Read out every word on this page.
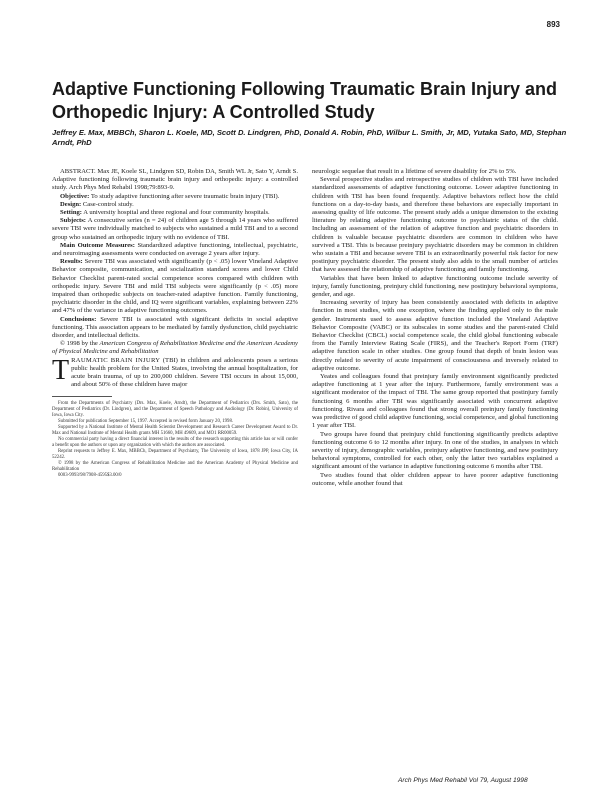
893
Adaptive Functioning Following Traumatic Brain Injury and Orthopedic Injury: A Controlled Study

Jeffrey E. Max, MBBCh, Sharon L. Koele, MD, Scott D. Lindgren, PhD, Donald A. Robin, PhD, Wilbur L. Smith, Jr, MD, Yutaka Sato, MD, Stephan Arndt, PhD

ABSTRACT. Max JE, Koele SL, Lindgren SD, Robin DA, Smith WL Jr, Sato Y, Arndt S. Adaptive functioning following traumatic brain injury and orthopedic injury: a controlled study. Arch Phys Med Rehabil 1998;79:893-9.

Objective: To study adaptive functioning after severe traumatic brain injury (TBI).

Design: Case-control study.

Setting: A university hospital and three regional and four community hospitals.

Subjects: A consecutive series (n = 24) of children age 5 through 14 years who suffered severe TBI were individually matched to subjects who sustained a mild TBI and to a second group who sustained an orthopedic injury with no evidence of TBI.

Main Outcome Measures: Standardized adaptive functioning, intellectual, psychiatric, and neuroimaging assessments were conducted on average 2 years after injury.

Results: Severe TBI was associated with significantly (p < .05) lower Vineland Adaptive Behavior composite, communication, and socialization standard scores and lower Child Behavior Checklist parent-rated social competence scores compared with children with orthopedic injury. Severe TBI and mild TBI subjects were significantly (p < .05) more impaired than orthopedic subjects on teacher-rated adaptive function. Family functioning, psychiatric disorder in the child, and IQ were significant variables, explaining between 22% and 47% of the variance in adaptive functioning outcomes.

Conclusions: Severe TBI is associated with significant deficits in social adaptive functioning. This association appears to be mediated by family dysfunction, child psychiatric disorder, and intellectual deficits.

© 1998 by the American Congress of Rehabilitation Medicine and the American Academy of Physical Medicine and Rehabilitation

TRAUMATIC BRAIN INJURY (TBI) in children and adolescents poses a serious public health problem for the United States, involving the annual hospitalization, for acute brain trauma, of up to 200,000 children. Severe TBI occurs in about 15,000, and about 50% of these children have major

From the Departments of Psychiatry (Drs. Max, Koele, Arndt), the Department of Pediatrics (Drs. Smith, Sato), the Department of Pediatrics (Dr. Lindgren), and the Department of Speech Pathology and Audiology (Dr. Robin), University of Iowa, Iowa City.

Submitted for publication September 15, 1997. Accepted in revised form January 20, 1998.

Supported by a National Institute of Mental Health Scientist Development and Research Career Development Award to Dr. Max and National Institute of Mental Health grants MH 51660, MH 49609, and MO1 RR00059.

No commercial party having a direct financial interest in the results of the research supporting this article has or will confer a benefit upon the authors or upon any organization with which the authors are associated.

Reprint requests to Jeffrey E. Max, MBBCh, Department of Psychiatry, The University of Iowa, 1878 JPP, Iowa City, IA 52242.

© 1998 by the American Congress of Rehabilitation Medicine and the American Academy of Physical Medicine and Rehabilitation

0003-9993/98/7908-4595$3.00/0

neurologic sequelae that result in a lifetime of severe disability for 2% to 5%.

Several prospective studies and retrospective studies of children with TBI have included standardized assessments of adaptive functioning outcome. Lower adaptive functioning in children with TBI has been found frequently. Adaptive behaviors reflect how the child functions on a day-to-day basis, and therefore these behaviors are especially important in assessing quality of life outcome. The present study adds a unique dimension to the existing literature by relating adaptive functioning outcome to psychiatric status of the child. Including an assessment of the relation of adaptive function and psychiatric disorders in children is valuable because psychiatric disorders are common in children who have survived a TBI. This is because preinjury psychiatric disorders may be common in children who sustain a TBI and because severe TBI is an extraordinarily powerful risk factor for new postinjury psychiatric disorder. The present study also adds to the small number of articles that have assessed the relationship of adaptive functioning and family functioning.

Variables that have been linked to adaptive functioning outcome include severity of injury, family functioning, preinjury child functioning, new postinjury behavioral symptoms, gender, and age.

Increasing severity of injury has been consistently associated with deficits in adaptive function in most studies, with one exception, where the finding applied only to the male gender. Instruments used to assess adaptive function included the Vineland Adaptive Behavior Composite (VABC) or its subscales in some studies and the parent-rated Child Behavior Checklist (CBCL) social competence scale, the child global functioning subscale from the Family Interview Rating Scale (FIRS), and the Teacher's Report Form (TRF) adaptive function scale in other studies. One group found that depth of brain lesion was directly related to severity of acute impairment of consciousness and inversely related to adaptive outcome.

Yeates and colleagues found that preinjury family environment significantly predicted adaptive functioning at 1 year after the injury. Furthermore, family environment was a significant moderator of the impact of TBI. The same group reported that postinjury family functioning 6 months after TBI was significantly associated with concurrent adaptive functioning. Rivara and colleagues found that strong overall preinjury family functioning was predictive of good child adaptive functioning, social competence, and global functioning 1 year after TBI.

Two groups have found that preinjury child functioning significantly predicts adaptive functioning outcome 6 to 12 months after injury. In one of the studies, in analyses in which severity of injury, demographic variables, preinjury adaptive functioning, and new postinjury behavioral symptoms, controlled for each other, only the latter two variables explained a significant amount of the variance in adaptive functioning outcome 6 months after TBI.

Two studies found that older children appear to have poorer adaptive functioning outcome, while another found that

Arch Phys Med Rehabil Vol 79, August 1998
